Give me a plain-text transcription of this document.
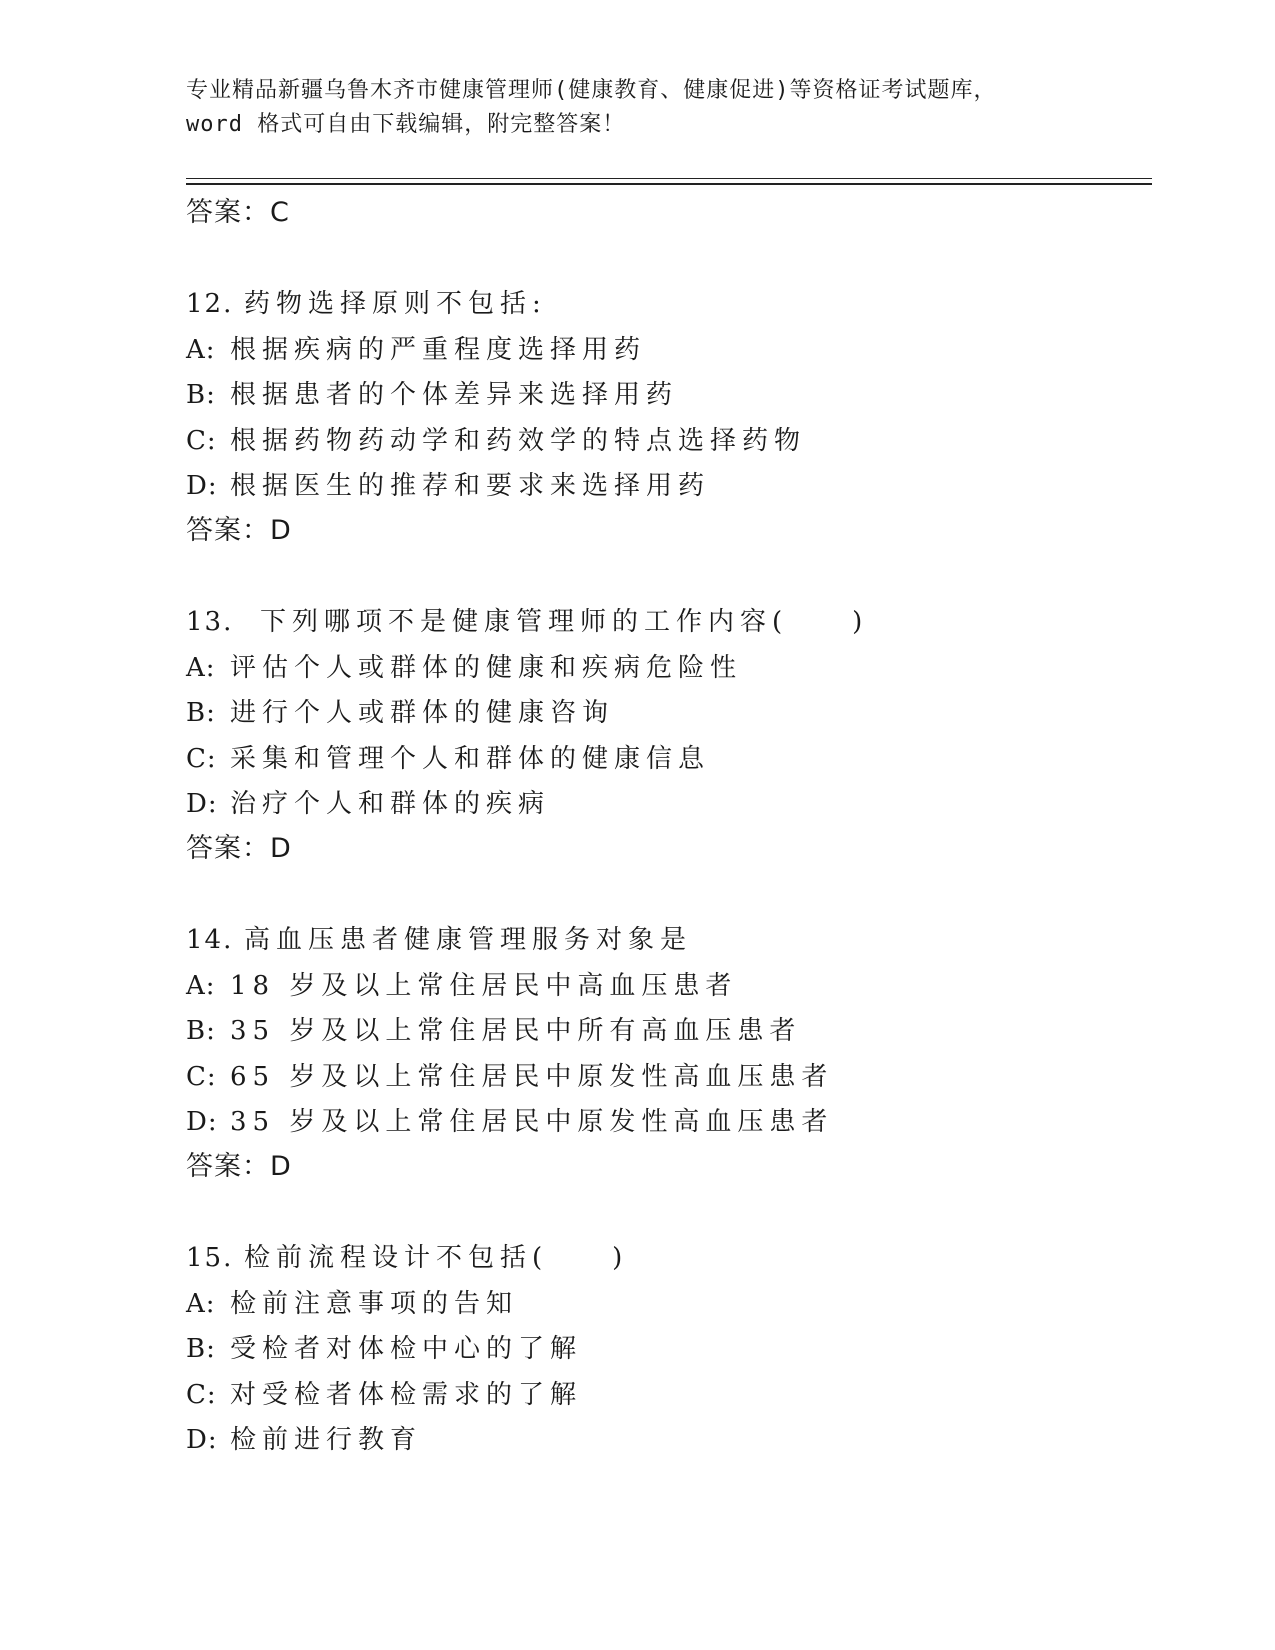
专业精品新疆乌鲁木齐市健康管理师(健康教育、健康促进)等资格证考试题库，
word 格式可自由下载编辑，附完整答案！
答案：C
12. 药物选择原则不包括:
A: 根据疾病的严重程度选择用药
B: 根据患者的个体差异来选择用药
C: 根据药物药动学和药效学的特点选择药物
D: 根据医生的推荐和要求来选择用药
答案：D
13. 下列哪项不是健康管理师的工作内容(　　)
A: 评估个人或群体的健康和疾病危险性
B: 进行个人或群体的健康咨询
C: 采集和管理个人和群体的健康信息
D: 治疗个人和群体的疾病
答案：D
14. 高血压患者健康管理服务对象是
A: 18 岁及以上常住居民中高血压患者
B: 35 岁及以上常住居民中所有高血压患者
C: 65 岁及以上常住居民中原发性高血压患者
D: 35 岁及以上常住居民中原发性高血压患者
答案：D
15. 检前流程设计不包括(　　)
A: 检前注意事项的告知
B: 受检者对体检中心的了解
C: 对受检者体检需求的了解
D: 检前进行教育
